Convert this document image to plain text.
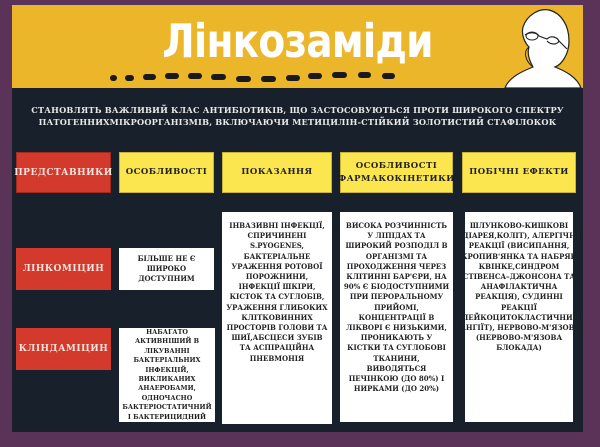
Лінкозаміди
СТАНОВЛЯТЬ ВАЖЛИВИЙ КЛАС АНТИБІОТИКІВ, ЩО ЗАСТОСОВУЮТЬСЯ ПРОТИ ШИРОКОГО СПЕКТРУ
ПАТОГЕННИХМІКРООРГАНІЗМІВ, ВКЛЮЧАЮЧИ МЕТИЦИЛІН-СТІЙКИЙ ЗОЛОТИСТИЙ СТАФІЛОКОК
ПРЕДСТАВНИКИ	ОСОБЛИВОСТІ	ПОКАЗАННЯ
ОСОБЛИВОСТІ ФАРМАКОКІНЕТИКИ
ПОБІЧНІ ЕФЕКТИ
ЛІНКОМІЦИН
БІЛЬШЕ НЕ Є ШИРОКО ДОСТУПНИМ
КЛІНДАМІЦИН
НАБАГАТО АКТИВНІШИЙ В ЛІКУВАННІ БАКТЕРІАЛЬНИХ ІНФЕКЦІЙ, ВИКЛИКАНИХ АНАЕРОБАМИ, ОДНОЧАСНО БАКТЕРІОСТАТИЧНИЙ І БАКТЕРИЦИДНИЙ
ІНВАЗИВНІ ІНФЕКЦІЇ, СПРИЧИНЕНІ S.PYOGENES, БАКТЕРІАЛЬНЕ УРАЖЕННЯ РОТОВОЇ ПОРОЖНИНИ, ІНФЕКЦІЇ ШКІРИ, КІСТОК ТА СУГЛОБІВ, УРАЖЕННЯ ГЛИБОКИХ КЛІТКОВИННИХ ПРОСТОРІВ ГОЛОВИ ТА ШИЇ,АБСЦЕСИ ЗУБІВ ТА АСПІРАЦІЙНА ПНЕВМОНІЯ
ВИСОКА РОЗЧИННІСТЬ У ЛІПІДАХ ТА ШИРОКИЙ РОЗПОДІЛ В ОРГАНІЗМІ ТА ПРОХОДЖЕННЯ ЧЕРЕЗ КЛІТИННІ БАР'ЄРИ, НА 90% Є БІОДОСТУПНИМИ ПРИ ПЕРОРАЛЬНОМУ ПРИЙОМІ, КОНЦЕНТРАЦІЇ В ЛІКВОРІ Є НИЗЬКИМИ, ПРОНИКАЮТЬ У КІСТКИ ТА СУГЛОБОВІ ТКАНИНИ, ВИВОДЯТЬСЯ ПЕЧІНКОЮ (ДО 80%) І НИРКАМИ (ДО 20%)
ШЛУНКОВО-КИШКОВІ (ДІАРЕЯ,КОЛІТ), АЛЕРГІЧНІ РЕАКЦІЇ (ВИСИПАННЯ, КРОПИВ'ЯНКА ТА НАБРЯК КВІНКЕ,СИНДРОМ СТІВЕНСА–ДЖОНСОНА ТА АНАФІЛАКТИЧНА РЕАКЦІЯ), СУДИННІ РЕАКЦІЇ (ЛЕЙКОЦИТОКЛАСТИЧНИЙ АНГІЇТ), НЕРВОВО-М'ЯЗОВІ (НЕРВОВО-М'ЯЗОВА БЛОКАДА)
